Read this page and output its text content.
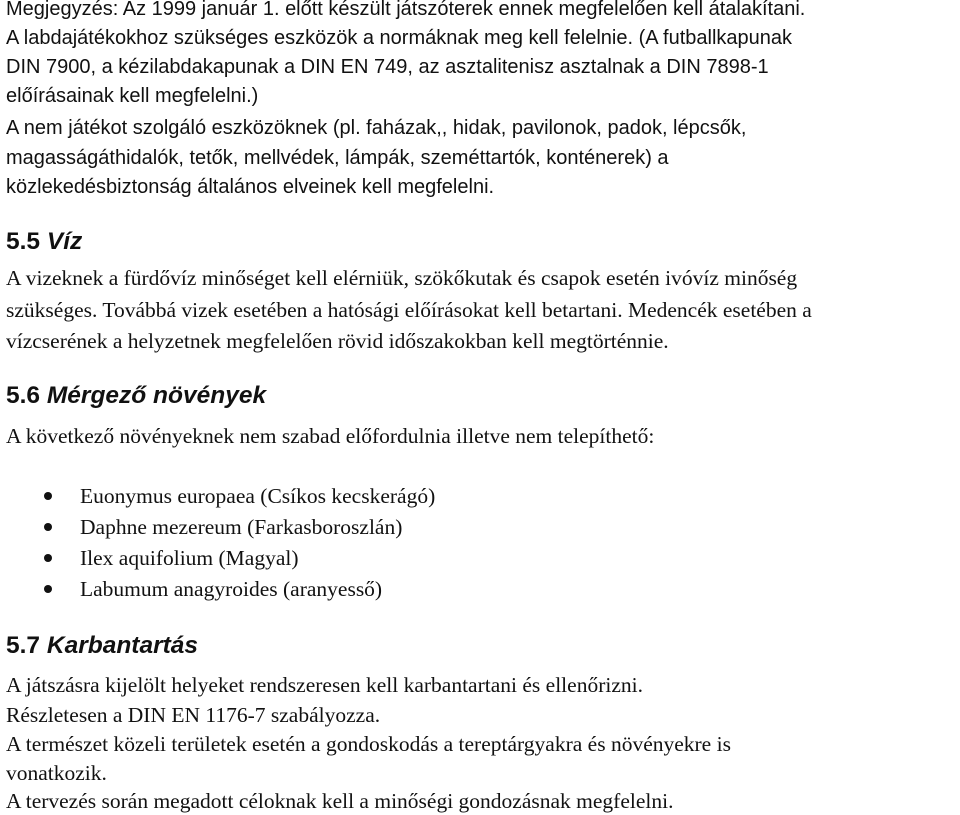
Megjegyzés: Az 1999 január 1. előtt készült játszóterek ennek megfelelően kell átalakítani.

A labdajátékokhoz szükséges eszközök a normáknak meg kell felelnie. (A futballkapunak

DIN 7900, a kézilabdakapunak a DIN EN 749, az asztalitenisz asztalnak a DIN 7898-1

előírásainak kell megfelelni.)

A nem játékot szolgáló eszközöknek (pl. faházak,, hidak, pavilonok, padok, lépcsők,

magasságáthidalók, tetők, mellvédek, lámpák, szeméttartók, konténerek) a

közlekedésbiztonság általános elveinek kell megfelelni.

5.5 Víz

A vizeknek a fürdővíz minőséget kell elérniük, szökőkutak és csapok esetén ivóvíz minőség

szükséges. Továbbá vizek esetében a hatósági előírásokat kell betartani. Medencék esetében a

vízcserének a helyzetnek megfelelően rövid időszakokban kell megtörténnie.

5.6 Mérgező növények

A következő növényeknek nem szabad előfordulnia illetve nem telepíthető:

Euonymus europaea (Csíkos kecskerágó)
Daphne mezereum (Farkasboroszlán)
Ilex aquifolium (Magyal)
Labumum anagyroides (aranyesső)
5.7 Karbantartás

A játszásra kijelölt helyeket rendszeresen kell karbantartani és ellenőrizni.

Részletesen a DIN EN 1176-7 szabályozza.

A természet közeli területek esetén a gondoskodás a tereptárgyakra és növényekre is

vonatkozik.

A tervezés során megadott céloknak kell a minőségi gondozásnak megfelelni.
